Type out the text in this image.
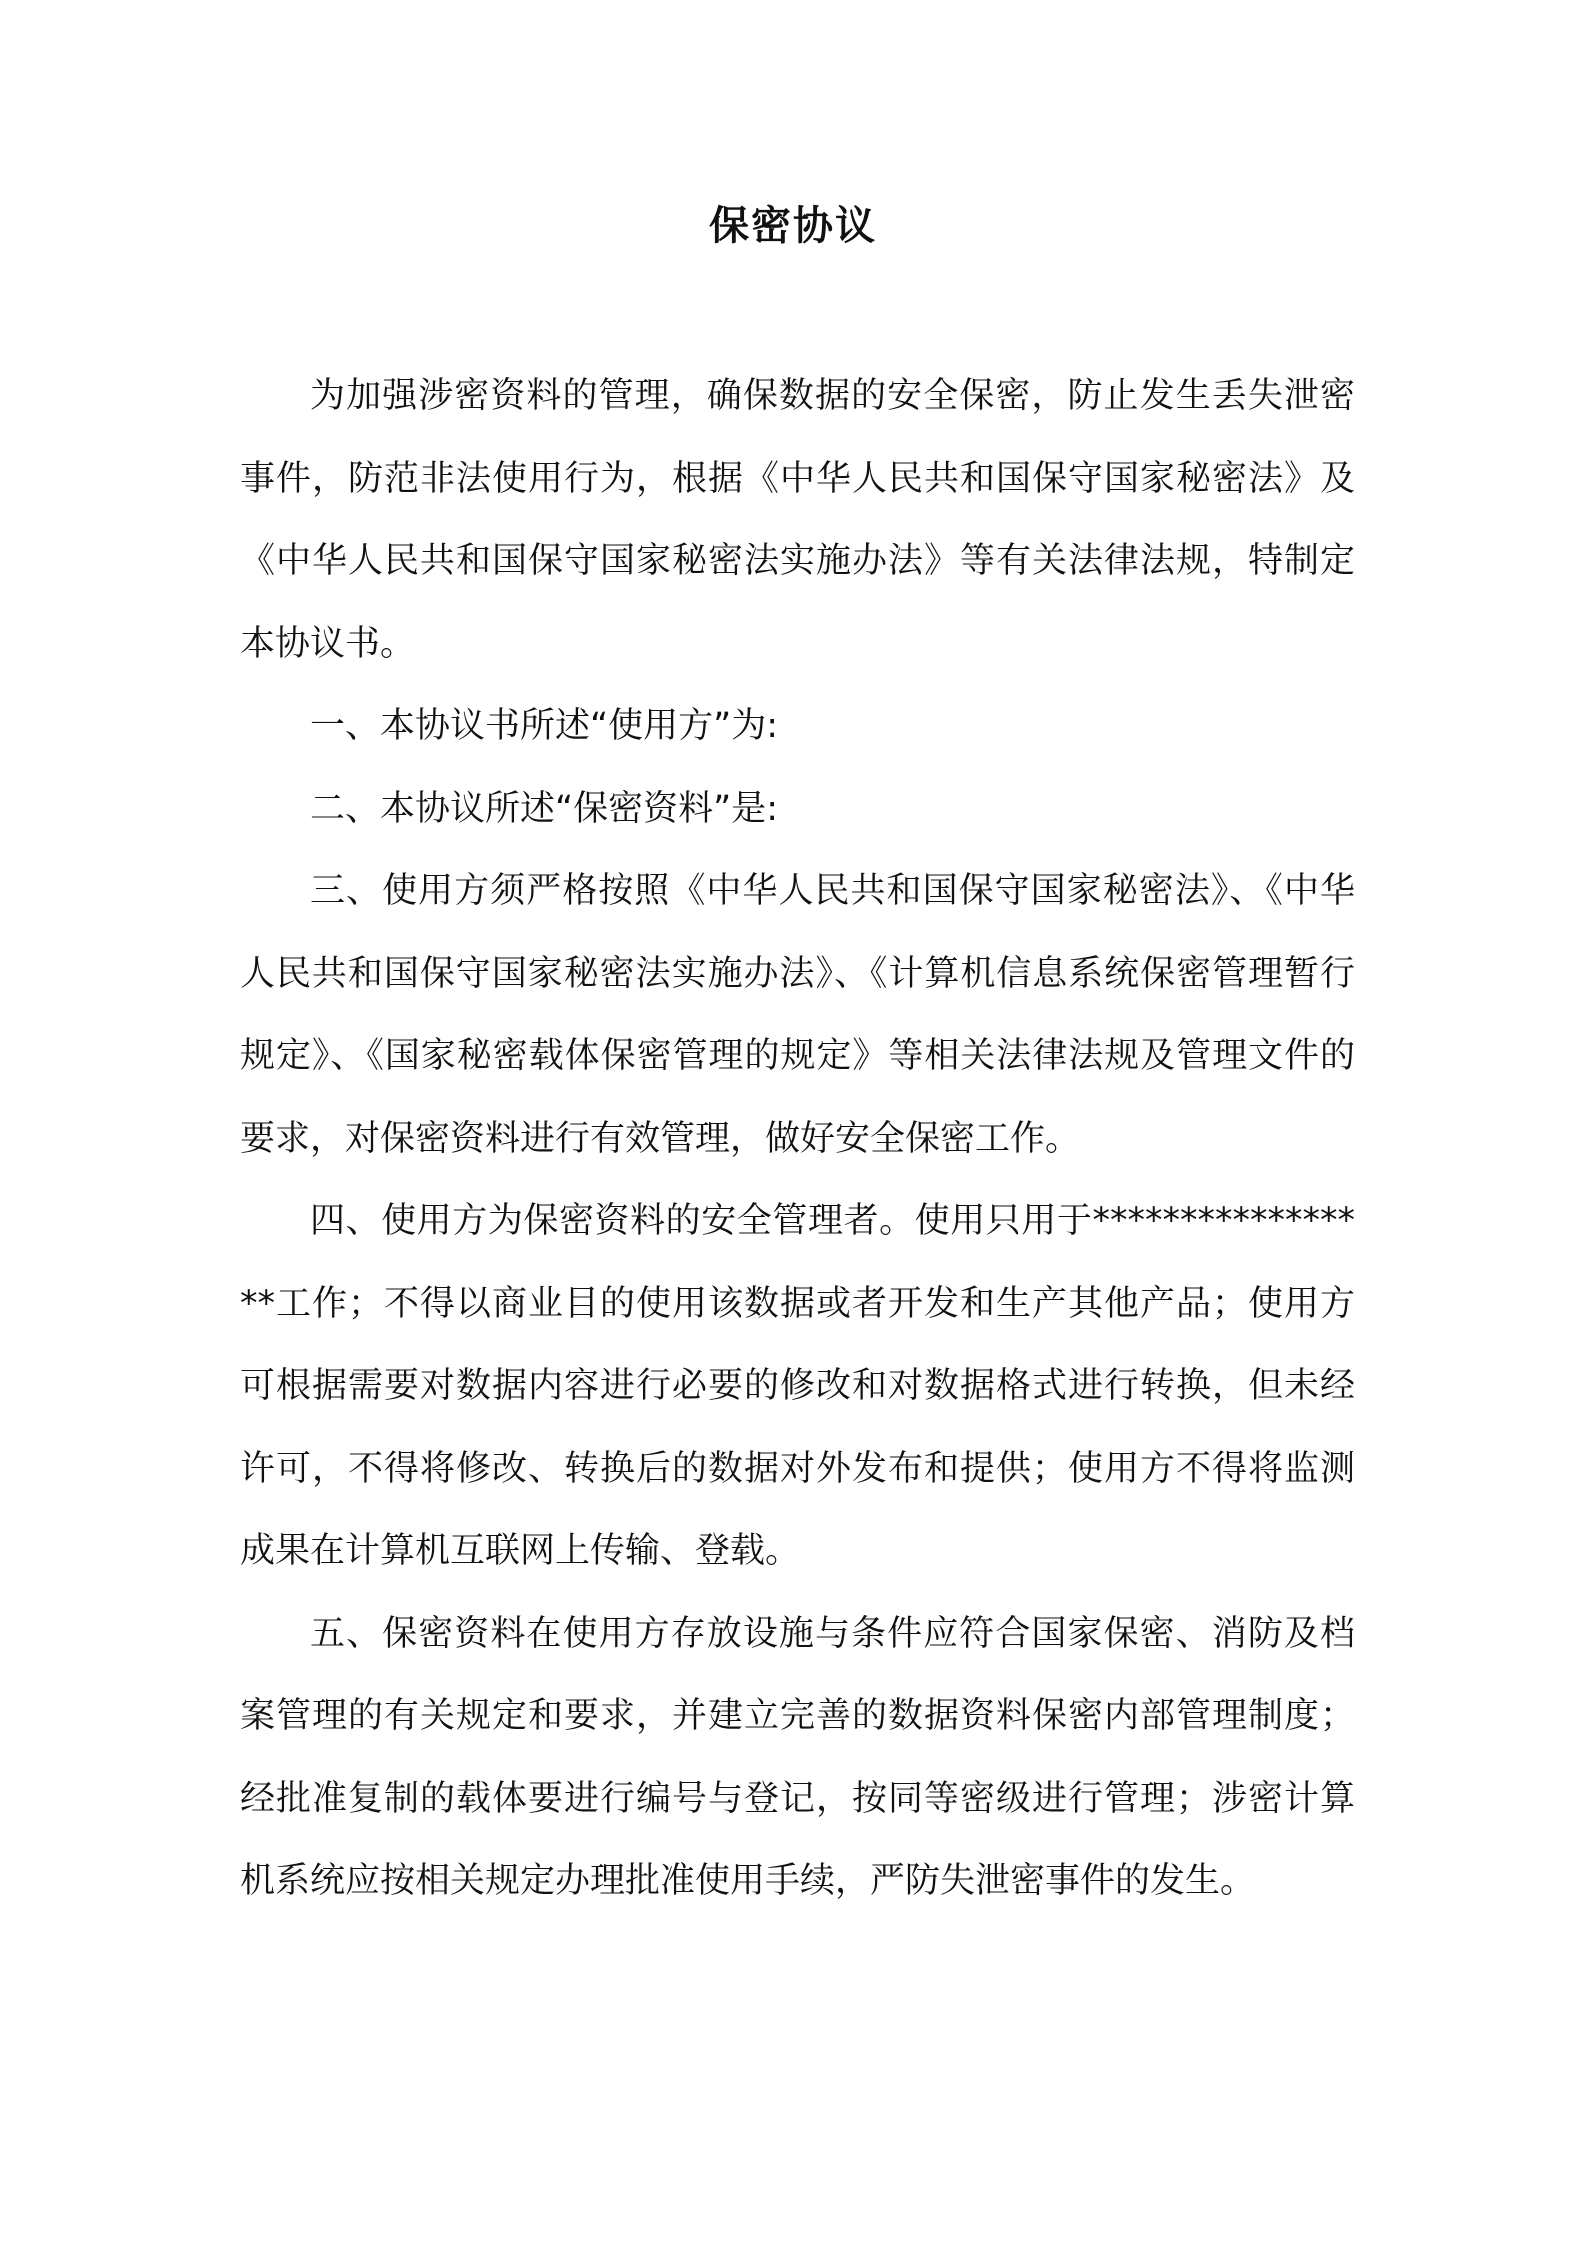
保密协议

为加强涉密资料的管理，确保数据的安全保密，防止发生丢失泄密事件，防范非法使用行为，根据《中华人民共和国保守国家秘密法》及《中华人民共和国保守国家秘密法实施办法》等有关法律法规，特制定本协议书。

一、本协议书所述“使用方”为:

二、本协议所述“保密资料”是:

三、使用方须严格按照《中华人民共和国保守国家秘密法》、《中华人民共和国保守国家秘密法实施办法》、《计算机信息系统保密管理暂行规定》、《国家秘密载体保密管理的规定》等相关法律法规及管理文件的要求，对保密资料进行有效管理，做好安全保密工作。

四、使用方为保密资料的安全管理者。使用只用于*****************工作；不得以商业目的使用该数据或者开发和生产其他产品；使用方可根据需要对数据内容进行必要的修改和对数据格式进行转换，但未经许可，不得将修改、转换后的数据对外发布和提供；使用方不得将监测成果在计算机互联网上传输、登载。

五、保密资料在使用方存放设施与条件应符合国家保密、消防及档案管理的有关规定和要求，并建立完善的数据资料保密内部管理制度；经批准复制的载体要进行编号与登记，按同等密级进行管理；涉密计算机系统应按相关规定办理批准使用手续，严防失泄密事件的发生。
